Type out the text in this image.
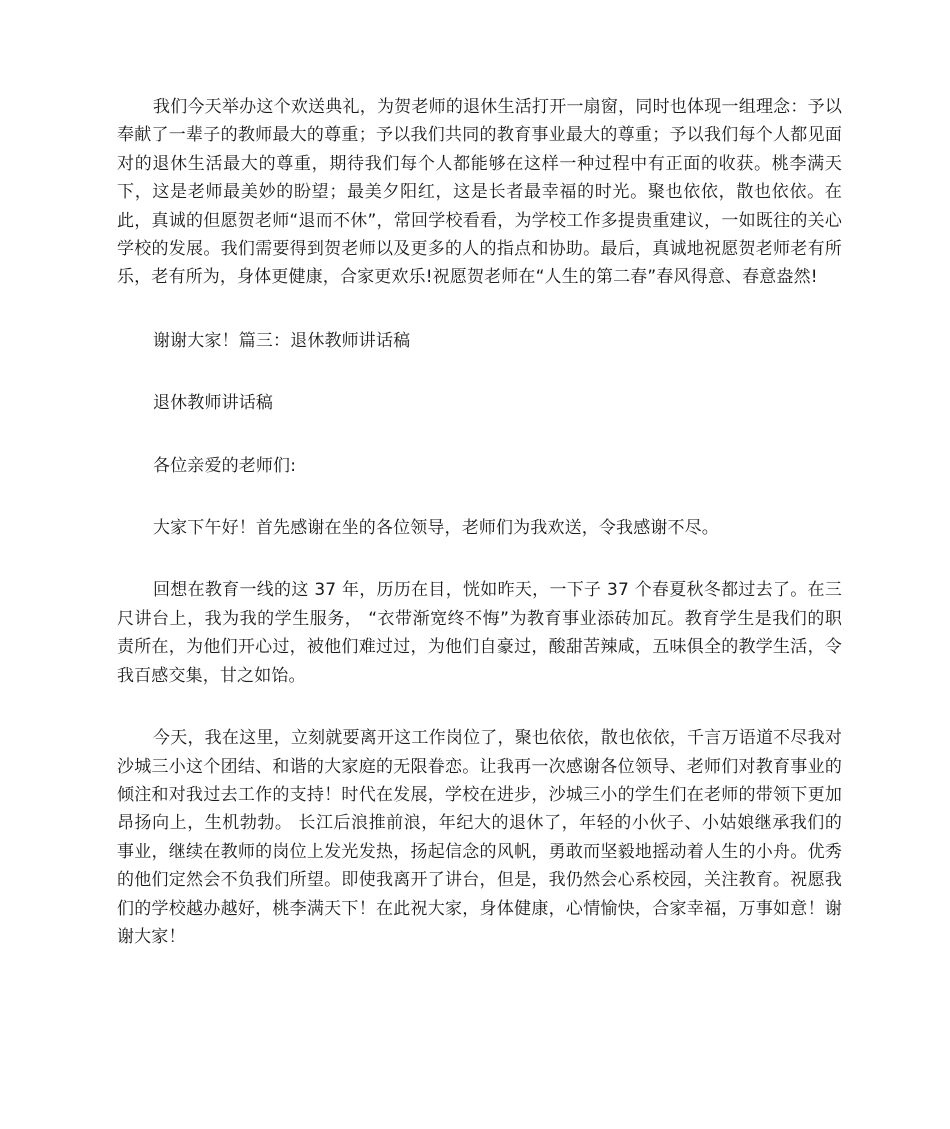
我们今天举办这个欢送典礼，为贺老师的退休生活打开一扇窗，同时也体现一组理念：予以奉献了一辈子的教师最大的尊重；予以我们共同的教育事业最大的尊重；予以我们每个人都见面对的退休生活最大的尊重，期待我们每个人都能够在这样一种过程中有正面的收获。桃李满天下，这是老师最美妙的盼望；最美夕阳红，这是长者最幸福的时光。聚也依依，散也依依。在此，真诚的但愿贺老师“退而不休”，常回学校看看，为学校工作多提贵重建议，一如既往的关心学校的发展。我们需要得到贺老师以及更多的人的指点和协助。最后，真诚地祝愿贺老师老有所乐，老有所为，身体更健康，合家更欢乐!祝愿贺老师在“人生的第二春”春风得意、春意盎然!

谢谢大家！篇三：退休教师讲话稿

退休教师讲话稿

各位亲爱的老师们:

大家下午好！首先感谢在坐的各位领导，老师们为我欢送，令我感谢不尽。

回想在教育一线的这 37 年，历历在目，恍如昨天，一下子 37 个春夏秋冬都过去了。在三尺讲台上，我为我的学生服务， “衣带渐宽终不悔”为教育事业添砖加瓦。教育学生是我们的职责所在，为他们开心过，被他们难过过，为他们自豪过，酸甜苦辣咸，五味俱全的教学生活，令我百感交集，甘之如饴。

今天，我在这里，立刻就要离开这工作岗位了，聚也依依，散也依依，千言万语道不尽我对沙城三小这个团结、和谐的大家庭的无限眷恋。让我再一次感谢各位领导、老师们对教育事业的倾注和对我过去工作的支持！时代在发展，学校在进步，沙城三小的学生们在老师的带领下更加昂扬向上，生机勃勃。 长江后浪推前浪，年纪大的退休了，年轻的小伙子、小姑娘继承我们的事业，继续在教师的岗位上发光发热，扬起信念的风帆，勇敢而坚毅地摇动着人生的小舟。优秀的他们定然会不负我们所望。即使我离开了讲台，但是，我仍然会心系校园，关注教育。祝愿我们的学校越办越好，桃李满天下！在此祝大家，身体健康，心情愉快，合家幸福，万事如意！谢谢大家！
